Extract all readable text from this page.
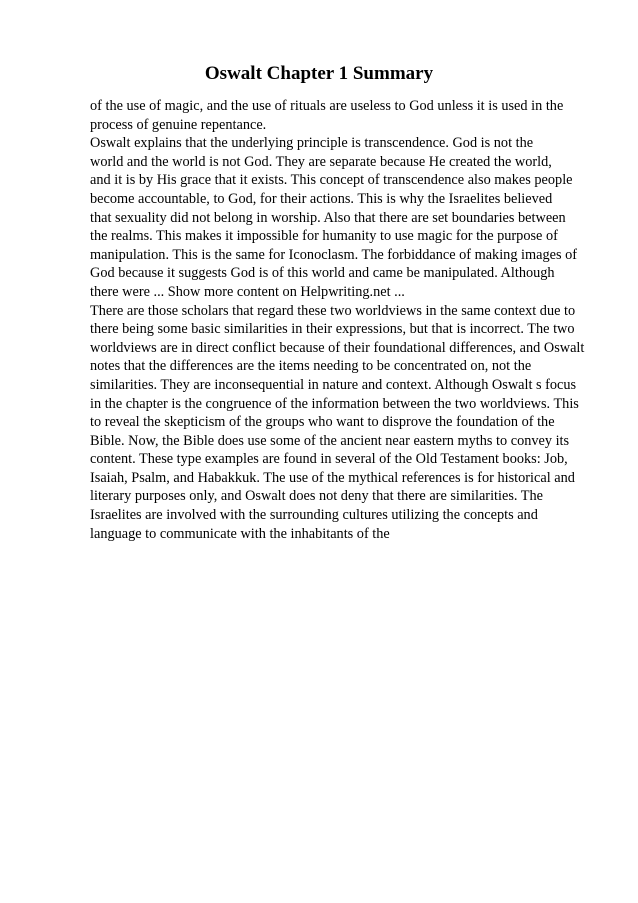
Oswalt Chapter 1 Summary
of the use of magic, and the use of rituals are useless to God unless it is used in the
process of genuine repentance.
Oswalt explains that the underlying principle is transcendence. God is not the
world and the world is not God. They are separate because He created the world,
and it is by His grace that it exists. This concept of transcendence also makes people
become accountable, to God, for their actions. This is why the Israelites believed
that sexuality did not belong in worship. Also that there are set boundaries between
the realms. This makes it impossible for humanity to use magic for the purpose of
manipulation. This is the same for Iconoclasm. The forbiddance of making images of
God because it suggests God is of this world and came be manipulated. Although
there were ... Show more content on Helpwriting.net ...
There are those scholars that regard these two worldviews in the same context due to
there being some basic similarities in their expressions, but that is incorrect. The two
worldviews are in direct conflict because of their foundational differences, and Oswalt
notes that the differences are the items needing to be concentrated on, not the
similarities. They are inconsequential in nature and context. Although Oswalt s focus
in the chapter is the congruence of the information between the two worldviews. This
to reveal the skepticism of the groups who want to disprove the foundation of the
Bible. Now, the Bible does use some of the ancient near eastern myths to convey its
content. These type examples are found in several of the Old Testament books: Job,
Isaiah, Psalm, and Habakkuk. The use of the mythical references is for historical and
literary purposes only, and Oswalt does not deny that there are similarities. The
Israelites are involved with the surrounding cultures utilizing the concepts and
language to communicate with the inhabitants of the
